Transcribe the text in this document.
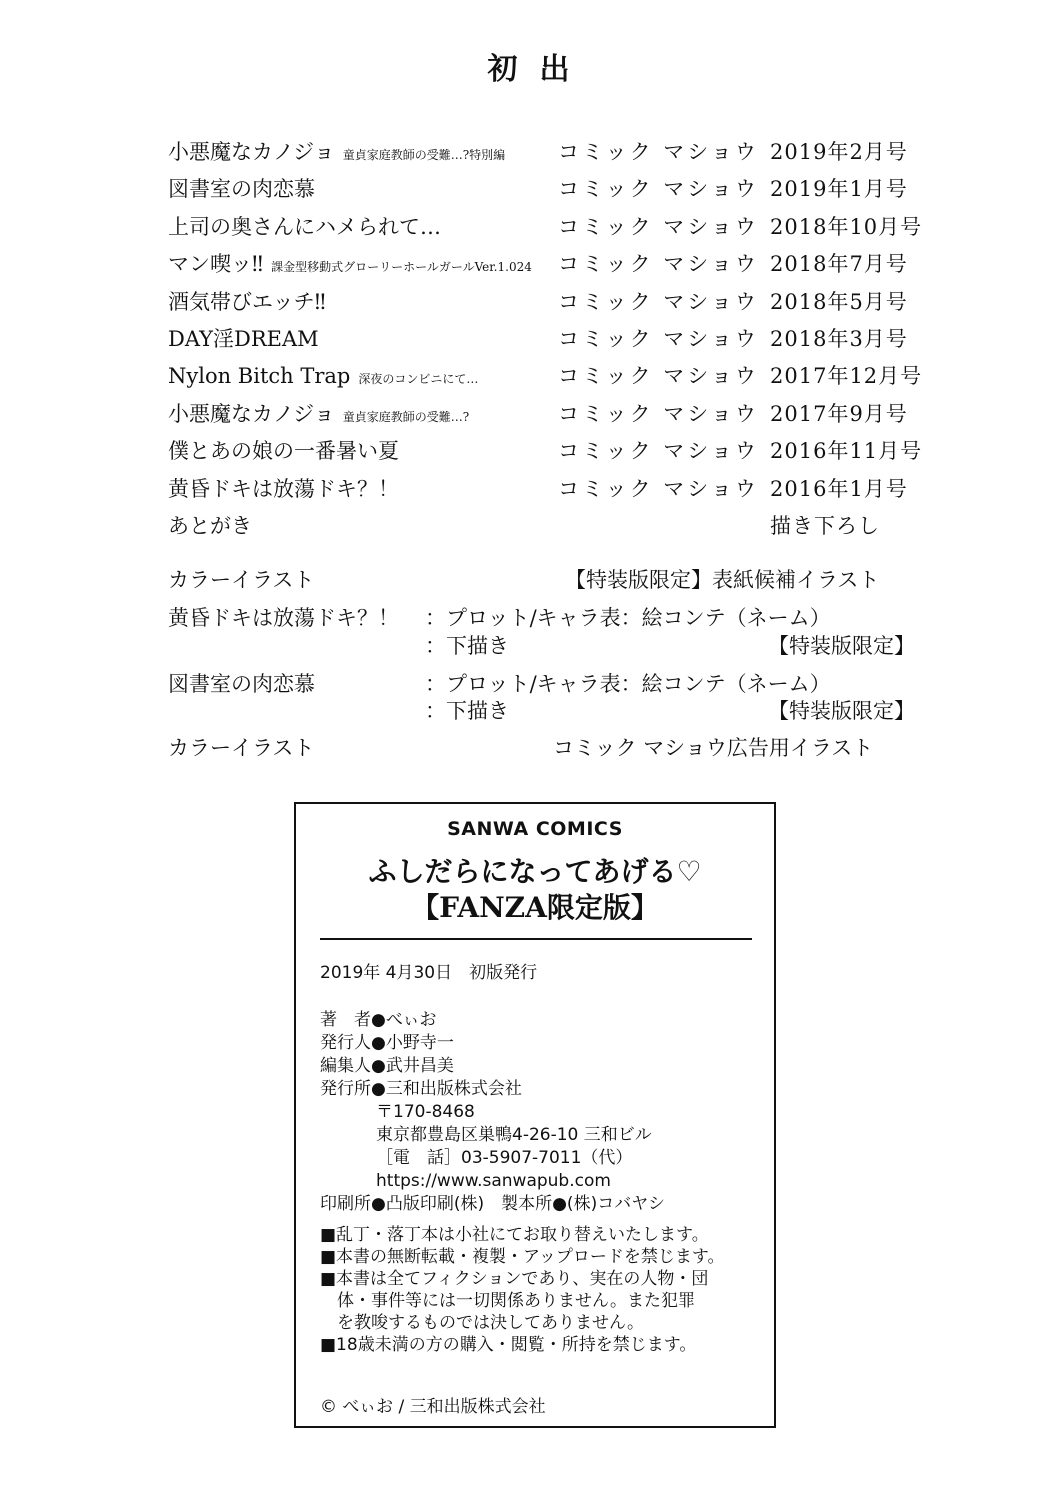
初出
小悪魔なカノジョ 童貞家庭教師の受難…?特別編	コミック マショウ 2019年2月号
図書室の肉恋慕	コミック マショウ 2019年1月号
上司の奥さんにハメられて…	コミック マショウ 2018年10月号
マン喫ッ‼ 課金型移動式グローリーホールガールVer.1.024 コミック マショウ 2018年7月号
酒気帯びエッチ‼	コミック マショウ 2018年5月号
DAY淫DREAM	コミック マショウ 2018年3月号
Nylon Bitch Trap 深夜のコンビニにて…	コミック マショウ 2017年12月号
小悪魔なカノジョ 童貞家庭教師の受難…?	コミック マショウ 2017年9月号
僕とあの娘の一番暑い夏	コミック マショウ 2016年11月号
黄昏ドキは放蕩ドキ？！	コミック マショウ 2016年1月号
あとがき	描き下ろし
カラーイラスト	【特装版限定】表紙候補イラスト
黄昏ドキは放蕩ドキ？！ ：プロット/キャラ表：絵コンテ（ネーム）
：下描き	【特装版限定】
図書室の肉恋慕	：プロット/キャラ表：絵コンテ（ネーム）
：下描き	【特装版限定】
カラーイラスト	コミック マショウ広告用イラスト
SANWA COMICS
ふしだらになってあげる♡
【FANZA限定版】
2019年 4月30日　初版発行
著　者●べぃお
発行人●小野寺一
編集人●武井昌美
発行所●三和出版株式会社
〒170-8468
東京都豊島区巣鴨4-26-10 三和ビル
［電　話］03-5907-7011（代）
https://www.sanwapub.com
印刷所●凸版印刷(株)　製本所●(株)コバヤシ
■乱丁・落丁本は小社にてお取り替えいたします。
■本書の無断転載・複製・アップロードを禁じます。
■本書は全てフィクションであり、実在の人物・団
　体・事件等には一切関係ありません。また犯罪
　を教唆するものでは決してありません。
■18歳未満の方の購入・閲覧・所持を禁じます。
© べぃお / 三和出版株式会社
